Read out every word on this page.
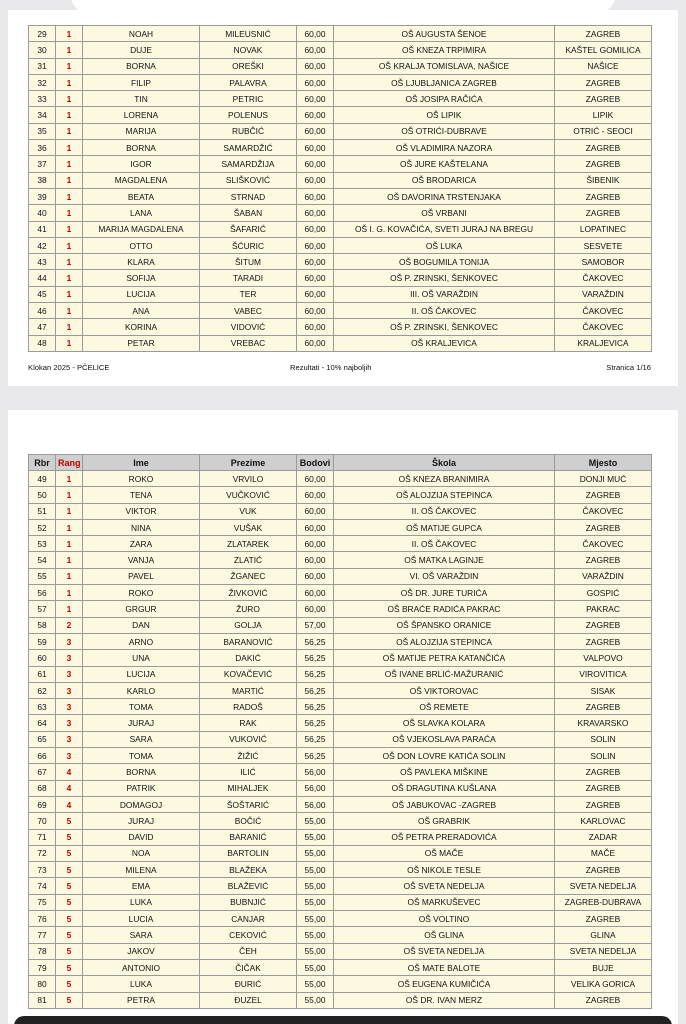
29	1	NOAH	MILEUSNIĆ	60,00	OŠ AUGUSTA ŠENOE	ZAGREB
30	1	DUJE	NOVAK	60,00	OŠ KNEZA TRPIMIRA	KAŠTEL GOMILICA
31	1	BORNA	OREŠKI	60,00	OŠ KRALJA TOMISLAVA, NAŠICE	NAŠICE
32	1	FILIP	PALAVRA	60,00	OŠ LJUBLJANICA ZAGREB	ZAGREB
33	1	TIN	PETRIC	60,00	OŠ JOSIPA RAČIĆA	ZAGREB
34	1	LORENA	POLENUS	60,00	OŠ LIPIK	LIPIK
35	1	MARIJA	RUBČIĆ	60,00	OŠ OTRIĆI-DUBRAVE	OTRIĆ - SEOCI
36	1	BORNA	SAMARDŽIĆ	60,00	OŠ VLADIMIRA NAZORA	ZAGREB
37	1	IGOR	SAMARDŽIJA	60,00	OŠ JURE KAŠTELANA	ZAGREB
38	1	MAGDALENA	SLIŠKOVIĆ	60,00	OŠ BRODARICA	ŠIBENIK
39	1	BEATA	STRNAD	60,00	OŠ DAVORINA TRSTENJAKA	ZAGREB
40	1	LANA	ŠABAN	60,00	OŠ VRBANI	ZAGREB
41	1	MARIJA MAGDALENA	ŠAFARIĆ	60,00	OŠ I. G. KOVAČIĆA, SVETI JURAJ NA BREGU	LOPATINEC
42	1	OTTO	ŠĆURIC	60,00	OŠ LUKA	SESVETE
43	1	KLARA	ŠITUM	60,00	OŠ BOGUMILA TONIJA	SAMOBOR
44	1	SOFIJA	TARADI	60,00	OŠ P. ZRINSKI, ŠENKOVEC	ČAKOVEC
45	1	LUCIJA	TER	60,00	III. OŠ VARAŽDIN	VARAŽDIN
46	1	ANA	VABEC	60,00	II. OŠ ČAKOVEC	ČAKOVEC
47	1	KORINA	VIDOVIĆ	60,00	OŠ P. ZRINSKI, ŠENKOVEC	ČAKOVEC
48	1	PETAR	VREBAC	60,00	OŠ KRALJEVICA	KRALJEVICA
Klokan 2025 - PČELICE	Rezultati - 10% najboljih	Stranica 1/16
Rbr	Rang	Ime	Prezime	Bodovi	Škola	Mjesto
49	1	ROKO	VRVILO	60,00	OŠ KNEZA BRANIMIRA	DONJI MUĆ
50	1	TENA	VUČKOVIĆ	60,00	OŠ ALOJZIJA STEPINCA	ZAGREB
51	1	VIKTOR	VUK	60,00	II. OŠ ČAKOVEC	ČAKOVEC
52	1	NINA	VUŠAK	60,00	OŠ MATIJE GUPCA	ZAGREB
53	1	ZARA	ZLATAREK	60,00	II. OŠ ČAKOVEC	ČAKOVEC
54	1	VANJA	ZLATIĆ	60,00	OŠ MATKA LAGINJE	ZAGREB
55	1	PAVEL	ŽGANEC	60,00	VI. OŠ VARAŽDIN	VARAŽDIN
56	1	ROKO	ŽIVKOVIĆ	60,00	OŠ DR. JURE TURIĆA	GOSPIĆ
57	1	GRGUR	ŽURO	60,00	OŠ BRAĆE RADIĆA PAKRAC	PAKRAC
58	2	DAN	GOLJA	57,00	OŠ ŠPANSKO ORANICE	ZAGREB
59	3	ARNO	BARANOVIĆ	56,25	OŠ ALOJZIJA STEPINCA	ZAGREB
60	3	UNA	DAKIĆ	56,25	OŠ MATIJE PETRA KATANČIĆA	VALPOVO
61	3	LUCIJA	KOVAČEVIĆ	56,25	OŠ IVANE BRLIĆ-MAŽURANIĆ	VIROVITICA
62	3	KARLO	MARTIĆ	56,25	OŠ VIKTOROVAC	SISAK
63	3	TOMA	RADOŠ	56,25	OŠ REMETE	ZAGREB
64	3	JURAJ	RAK	56,25	OŠ SLAVKA KOLARA	KRAVARSKO
65	3	SARA	VUKOVIĆ	56,25	OŠ VJEKOSLAVA PARAĆA	SOLIN
66	3	TOMA	ŽIŽIĆ	56,25	OŠ DON LOVRE KATIĆA SOLIN	SOLIN
67	4	BORNA	ILIĆ	56,00	OŠ PAVLEKA MIŠKINE	ZAGREB
68	4	PATRIK	MIHALJEK	56,00	OŠ DRAGUTINA KUŠLANA	ZAGREB
69	4	DOMAGOJ	ŠOŠTARIĆ	56,00	OŠ JABUKOVAC -ZAGREB	ZAGREB
70	5	JURAJ	BOČIĆ	55,00	OŠ GRABRIK	KARLOVAC
71	5	DAVID	BARANIĆ	55,00	OŠ PETRA PRERADOVIĆA	ZADAR
72	5	NOA	BARTOLIN	55,00	OŠ MAČE	MAČE
73	5	MILENA	BLAŽEKA	55,00	OŠ NIKOLE TESLE	ZAGREB
74	5	EMA	BLAŽEVIĆ	55,00	OŠ SVETA NEDELJA	SVETA NEDELJA
75	5	LUKA	BUBNJIĆ	55,00	OŠ MARKUŠEVEC	ZAGREB-DUBRAVA
76	5	LUCIA	CANJAR	55,00	OŠ VOLTINO	ZAGREB
77	5	SARA	CEKOVIĆ	55,00	OŠ GLINA	GLINA
78	5	JAKOV	ČEH	55,00	OŠ SVETA NEDELJA	SVETA NEDELJA
79	5	ANTONIO	ČIČAK	55,00	OŠ MATE BALOTE	BUJE
80	5	LUKA	ĐURIĆ	55,00	OŠ EUGENA KUMIČIĆA	VELIKA GORICA
81	5	PETRA	ĐUZEL	55,00	OŠ DR. IVAN MERZ	ZAGREB
